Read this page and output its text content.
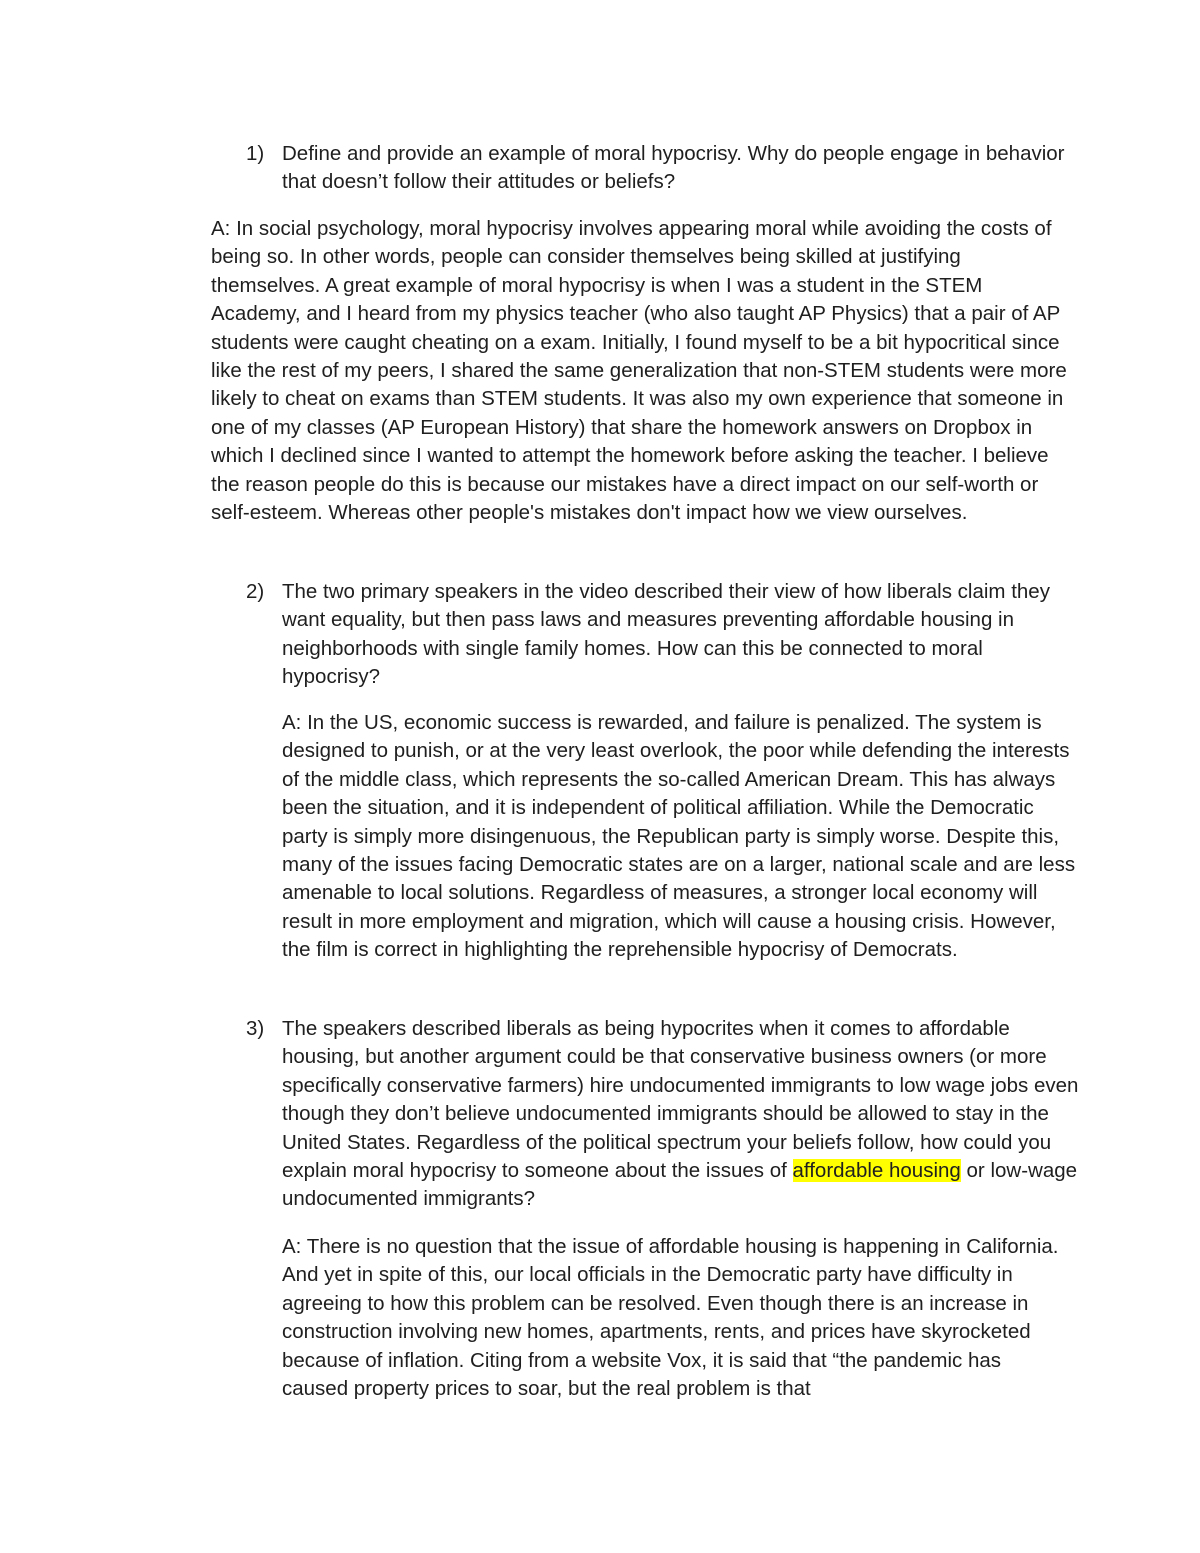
1) Define and provide an example of moral hypocrisy. Why do people engage in behavior that doesn’t follow their attitudes or beliefs?

A: In social psychology, moral hypocrisy involves appearing moral while avoiding the costs of being so. In other words, people can consider themselves being skilled at justifying themselves. A great example of moral hypocrisy is when I was a student in the STEM Academy, and I heard from my physics teacher (who also taught AP Physics) that a pair of AP students were caught cheating on a exam. Initially, I found myself to be a bit hypocritical since like the rest of my peers, I shared the same generalization that non-STEM students were more likely to cheat on exams than STEM students. It was also my own experience that someone in one of my classes (AP European History) that share the homework answers on Dropbox in which I declined since I wanted to attempt the homework before asking the teacher. I believe the reason people do this is because our mistakes have a direct impact on our self-worth or self-esteem. Whereas other people's mistakes don't impact how we view ourselves.

2) The two primary speakers in the video described their view of how liberals claim they want equality, but then pass laws and measures preventing affordable housing in neighborhoods with single family homes. How can this be connected to moral hypocrisy?

A: In the US, economic success is rewarded, and failure is penalized. The system is designed to punish, or at the very least overlook, the poor while defending the interests of the middle class, which represents the so-called American Dream. This has always been the situation, and it is independent of political affiliation. While the Democratic party is simply more disingenuous, the Republican party is simply worse. Despite this, many of the issues facing Democratic states are on a larger, national scale and are less amenable to local solutions. Regardless of measures, a stronger local economy will result in more employment and migration, which will cause a housing crisis. However, the film is correct in highlighting the reprehensible hypocrisy of Democrats.

3) The speakers described liberals as being hypocrites when it comes to affordable housing, but another argument could be that conservative business owners (or more specifically conservative farmers) hire undocumented immigrants to low wage jobs even though they don’t believe undocumented immigrants should be allowed to stay in the United States. Regardless of the political spectrum your beliefs follow, how could you explain moral hypocrisy to someone about the issues of affordable housing or low-wage undocumented immigrants?

A: There is no question that the issue of affordable housing is happening in California. And yet in spite of this, our local officials in the Democratic party have difficulty in agreeing to how this problem can be resolved. Even though there is an increase in construction involving new homes, apartments, rents, and prices have skyrocketed because of inflation. Citing from a website Vox, it is said that “the pandemic has caused property prices to soar, but the real problem is that
